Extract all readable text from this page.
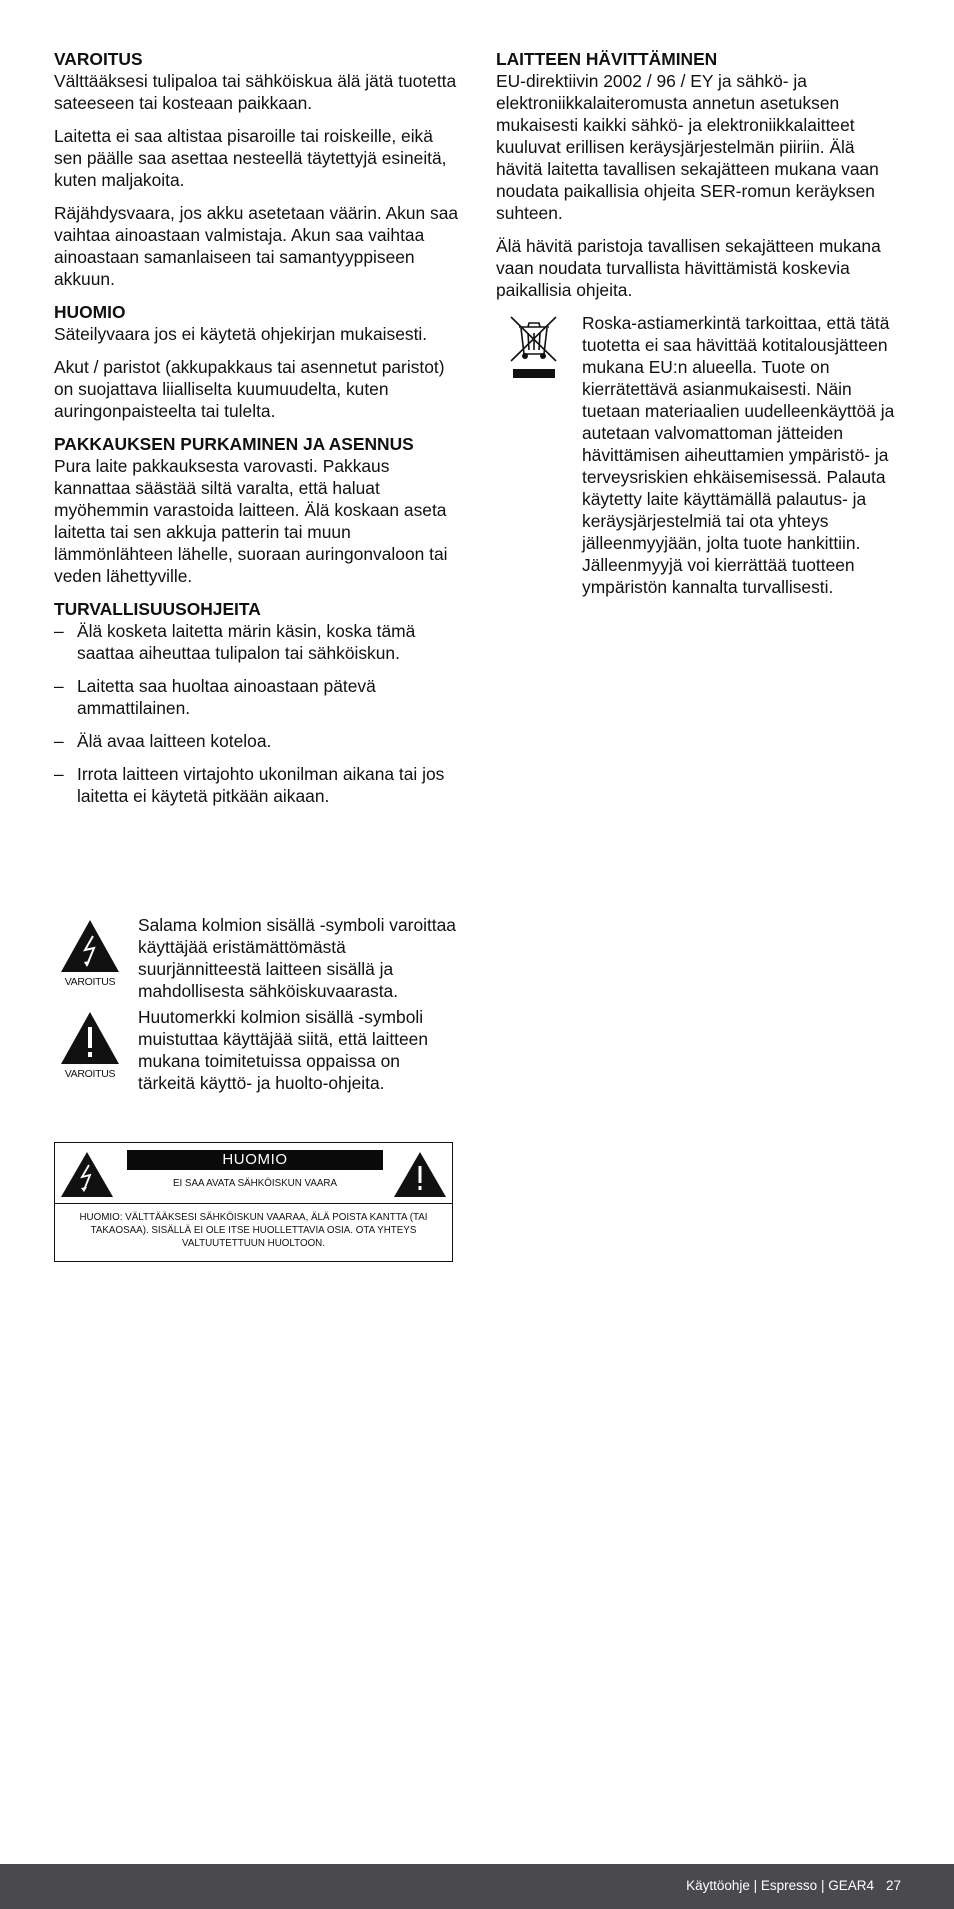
VAROITUS

Välttääksesi tulipaloa tai sähköiskua älä jätä tuotetta sateeseen tai kosteaan paikkaan.

Laitetta ei saa altistaa pisaroille tai roiskeille, eikä sen päälle saa asettaa nesteellä täytettyjä esineitä, kuten maljakoita.

Räjähdysvaara, jos akku asetetaan väärin. Akun saa vaihtaa ainoastaan valmistaja. Akun saa vaihtaa ainoastaan samanlaiseen tai samantyyppiseen akkuun.

HUOMIO

Säteilyvaara jos ei käytetä ohjekirjan mukaisesti.

Akut / paristot (akkupakkaus tai asennetut paristot) on suojattava liialliselta kuumuudelta, kuten auringonpaisteelta tai tulelta.

PAKKAUKSEN PURKAMINEN JA ASENNUS

Pura laite pakkauksesta varovasti. Pakkaus kannattaa säästää siltä varalta, että haluat myöhemmin varastoida laitteen. Älä koskaan aseta laitetta tai sen akkuja patterin tai muun lämmönlähteen lähelle, suoraan auringonvaloon tai veden lähettyville.

TURVALLISUUSOHJEITA
– Älä kosketa laitetta märin käsin, koska tämä saattaa aiheuttaa tulipalon tai sähköiskun.
– Laitetta saa huoltaa ainoastaan pätevä ammattilainen.
– Älä avaa laitteen koteloa.
– Irrota laitteen virtajohto ukonilman aikana tai jos laitetta ei käytetä pitkään aikaan.
LAITTEEN HÄVITTÄMINEN

EU-direktiivin 2002 / 96 / EY ja sähkö- ja elektroniikkalaiteromusta annetun asetuksen mukaisesti kaikki sähkö- ja elektroniikkalaitteet kuuluvat erillisen keräysjärjestelmän piiriin. Älä hävitä laitetta tavallisen sekajätteen mukana vaan noudata paikallisia ohjeita SER-romun keräyksen suhteen.

Älä hävitä paristoja tavallisen sekajätteen mukana vaan noudata turvallista hävittämistä koskevia paikallisia ohjeita.

Roska-astiamerkintä tarkoittaa, että tätä tuotetta ei saa hävittää kotitalousjätteen mukana EU:n alueella. Tuote on kierrätettävä asianmukaisesti. Näin tuetaan materiaalien uudelleenkäyttöä ja autetaan valvomattoman jätteiden hävittämisen aiheuttamien ympäristö- ja terveysriskien ehkäisemisessä. Palauta käytetty laite käyttämällä palautus- ja keräysjärjestelmiä tai ota yhteys jälleenmyyjään, jolta tuote hankittiin. Jälleenmyyjä voi kierrättää tuotteen ympäristön kannalta turvallisesti.
VAROITUS
Salama kolmion sisällä -symboli varoittaa käyttäjää eristämättömästä suurjännitteestä laitteen sisällä ja mahdollisesta sähköiskuvaarasta.
VAROITUS
Huutomerkki kolmion sisällä -symboli muistuttaa käyttäjää siitä, että laitteen mukana toimitetuissa oppaissa on tärkeitä käyttö- ja huolto-ohjeita.
HUOMIO
EI SAA AVATA SÄHKÖISKUN VAARA
HUOMIO: VÄLTTÄÄKSESI SÄHKÖISKUN VAARAA, ÄLÄ POISTA KANTTA (TAI TAKAOSAA). SISÄLLÄ EI OLE ITSE HUOLLETTAVIA OSIA. OTA YHTEYS VALTUUTETTUUN HUOLTOON.
Käyttöohje | Espresso | GEAR4 27
